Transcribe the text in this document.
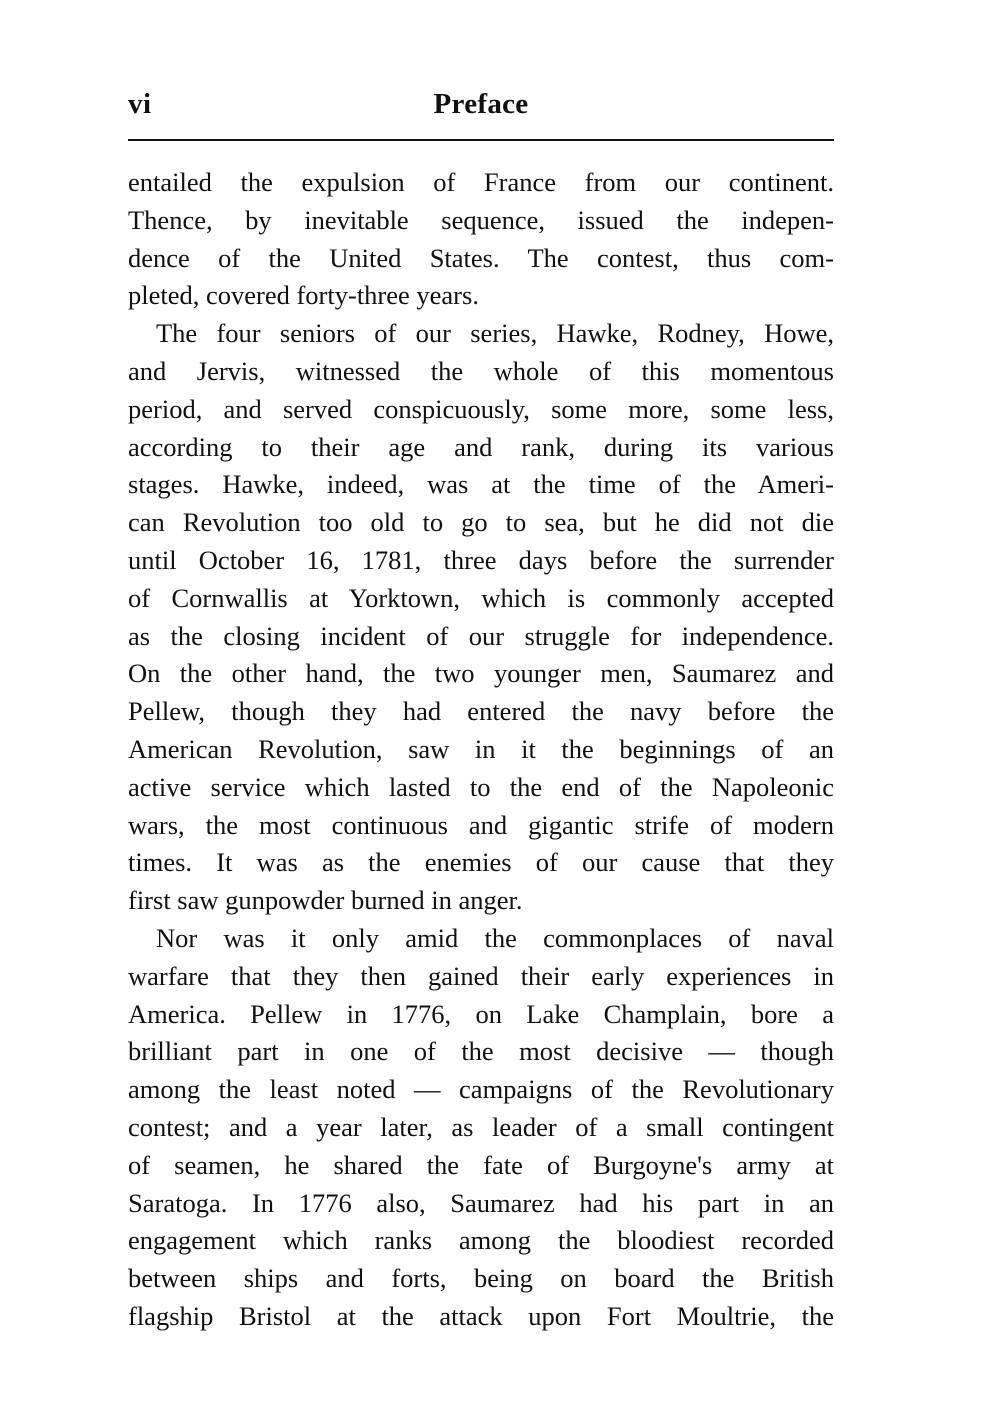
vi	Preface
entailed the expulsion of France from our continent.
Thence, by inevitable sequence, issued the indepen-
dence of the United States. The contest, thus com-
pleted, covered forty-three years.
The four seniors of our series, Hawke, Rodney, Howe,
and Jervis, witnessed the whole of this momentous
period, and served conspicuously, some more, some less,
according to their age and rank, during its various
stages. Hawke, indeed, was at the time of the Ameri-
can Revolution too old to go to sea, but he did not die
until October 16, 1781, three days before the surrender
of Cornwallis at Yorktown, which is commonly accepted
as the closing incident of our struggle for independence.
On the other hand, the two younger men, Saumarez and
Pellew, though they had entered the navy before the
American Revolution, saw in it the beginnings of an
active service which lasted to the end of the Napoleonic
wars, the most continuous and gigantic strife of modern
times. It was as the enemies of our cause that they
first saw gunpowder burned in anger.
Nor was it only amid the commonplaces of naval
warfare that they then gained their early experiences in
America. Pellew in 1776, on Lake Champlain, bore a
brilliant part in one of the most decisive — though
among the least noted — campaigns of the Revolutionary
contest; and a year later, as leader of a small contingent
of seamen, he shared the fate of Burgoyne's army at
Saratoga. In 1776 also, Saumarez had his part in an
engagement which ranks among the bloodiest recorded
between ships and forts, being on board the British
flagship Bristol at the attack upon Fort Moultrie, the
